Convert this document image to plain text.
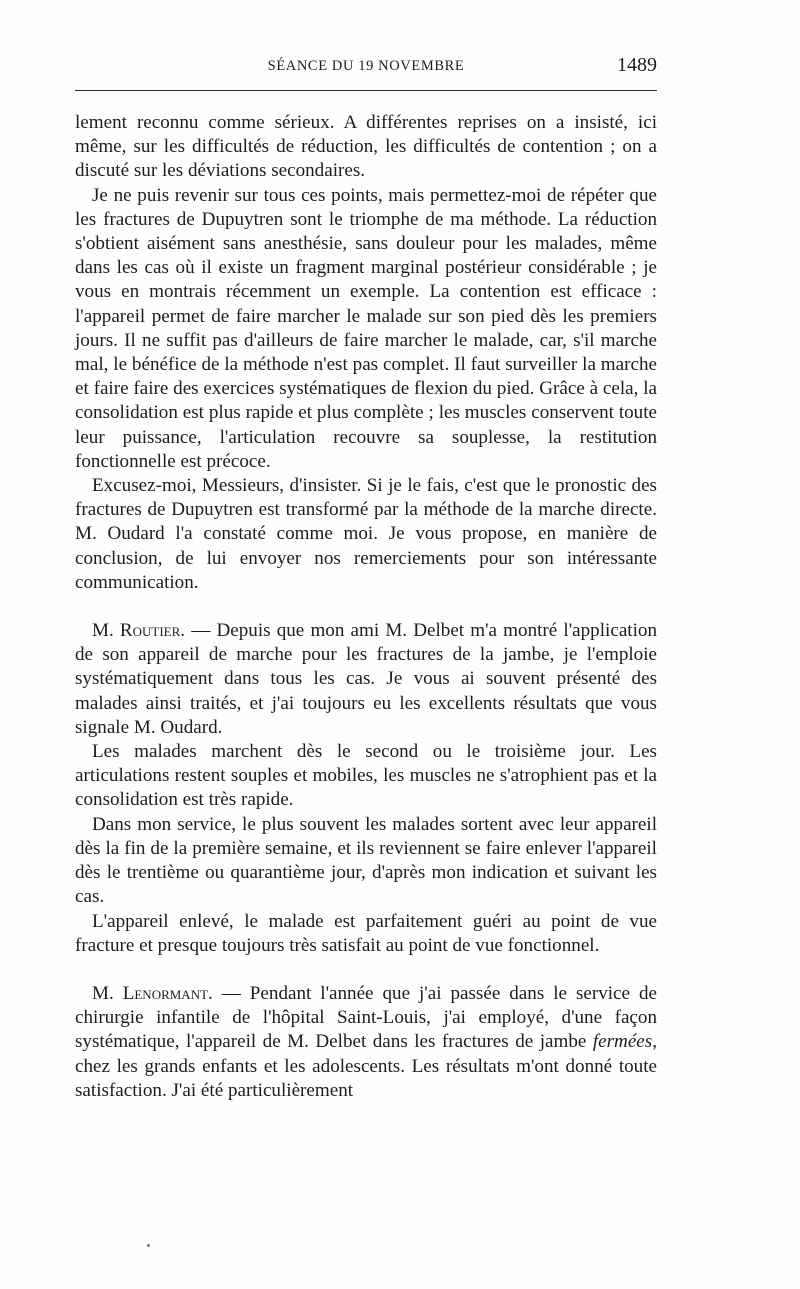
SÉANCE DU 19 NOVEMBRE	1489

lement reconnu comme sérieux. A différentes reprises on a insisté, ici même, sur les difficultés de réduction, les difficultés de contention ; on a discuté sur les déviations secondaires.

Je ne puis revenir sur tous ces points, mais permettez-moi de répéter que les fractures de Dupuytren sont le triomphe de ma méthode. La réduction s'obtient aisément sans anesthésie, sans douleur pour les malades, même dans les cas où il existe un fragment marginal postérieur considérable ; je vous en montrais récemment un exemple. La contention est efficace : l'appareil permet de faire marcher le malade sur son pied dès les premiers jours. Il ne suffit pas d'ailleurs de faire marcher le malade, car, s'il marche mal, le bénéfice de la méthode n'est pas complet. Il faut surveiller la marche et faire faire des exercices systématiques de flexion du pied. Grâce à cela, la consolidation est plus rapide et plus complète ; les muscles conservent toute leur puissance, l'articulation recouvre sa souplesse, la restitution fonctionnelle est précoce.

Excusez-moi, Messieurs, d'insister. Si je le fais, c'est que le pronostic des fractures de Dupuytren est transformé par la méthode de la marche directe. M. Oudard l'a constaté comme moi. Je vous propose, en manière de conclusion, de lui envoyer nos remerciements pour son intéressante communication.

M. Routier. — Depuis que mon ami M. Delbet m'a montré l'application de son appareil de marche pour les fractures de la jambe, je l'emploie systématiquement dans tous les cas. Je vous ai souvent présenté des malades ainsi traités, et j'ai toujours eu les excellents résultats que vous signale M. Oudard.

Les malades marchent dès le second ou le troisième jour. Les articulations restent souples et mobiles, les muscles ne s'atrophient pas et la consolidation est très rapide.

Dans mon service, le plus souvent les malades sortent avec leur appareil dès la fin de la première semaine, et ils reviennent se faire enlever l'appareil dès le trentième ou quarantième jour, d'après mon indication et suivant les cas.

L'appareil enlevé, le malade est parfaitement guéri au point de vue fracture et presque toujours très satisfait au point de vue fonctionnel.

M. Lenormant. — Pendant l'année que j'ai passée dans le service de chirurgie infantile de l'hôpital Saint-Louis, j'ai employé, d'une façon systématique, l'appareil de M. Delbet dans les fractures de jambe fermées, chez les grands enfants et les adolescents. Les résultats m'ont donné toute satisfaction. J'ai été particulièrement
